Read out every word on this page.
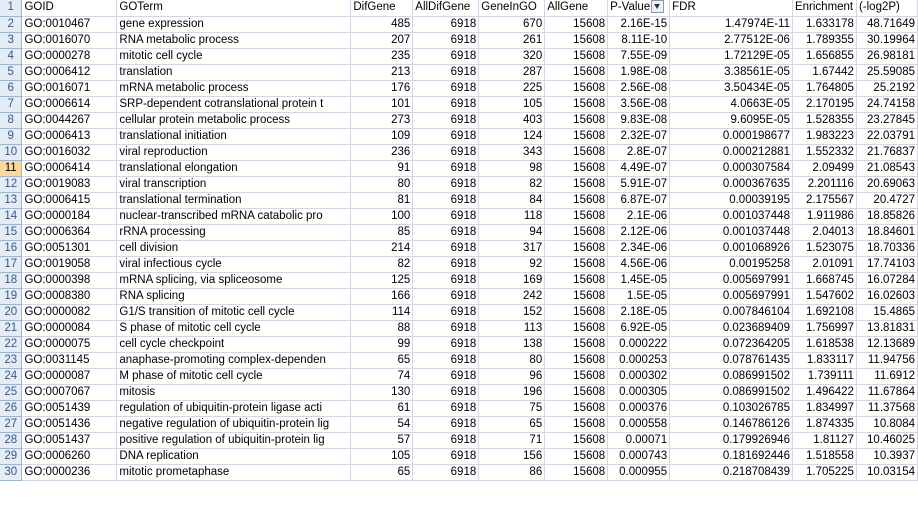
1	GOID	GOTerm	DifGene	AllDifGene	GeneInGO	AllGene	P-Value	FDR	Enrichment	(-log2P)
2	GO:0010467	gene expression	485	6918	670	15608	2.16E-15	1.47974E-11	1.633178	48.71649
3	GO:0016070	RNA metabolic process	207	6918	261	15608	8.11E-10	2.77512E-06	1.789355	30.19964
4	GO:0000278	mitotic cell cycle	235	6918	320	15608	7.55E-09	1.72129E-05	1.656855	26.98181
5	GO:0006412	translation	213	6918	287	15608	1.98E-08	3.38561E-05	1.67442	25.59085
6	GO:0016071	mRNA metabolic process	176	6918	225	15608	2.56E-08	3.50434E-05	1.764805	25.2192
7	GO:0006614	SRP-dependent cotranslational protein t	101	6918	105	15608	3.56E-08	4.0663E-05	2.170195	24.74158
8	GO:0044267	cellular protein metabolic process	273	6918	403	15608	9.83E-08	9.6095E-05	1.528355	23.27845
9	GO:0006413	translational initiation	109	6918	124	15608	2.32E-07	0.000198677	1.983223	22.03791
10	GO:0016032	viral reproduction	236	6918	343	15608	2.8E-07	0.000212881	1.552332	21.76837
11	GO:0006414	translational elongation	91	6918	98	15608	4.49E-07	0.000307584	2.09499	21.08543
12	GO:0019083	viral transcription	80	6918	82	15608	5.91E-07	0.000367635	2.201116	20.69063
13	GO:0006415	translational termination	81	6918	84	15608	6.87E-07	0.00039195	2.175567	20.4727
14	GO:0000184	nuclear-transcribed mRNA catabolic pro	100	6918	118	15608	2.1E-06	0.001037448	1.911986	18.85826
15	GO:0006364	rRNA processing	85	6918	94	15608	2.12E-06	0.001037448	2.04013	18.84601
16	GO:0051301	cell division	214	6918	317	15608	2.34E-06	0.001068926	1.523075	18.70336
17	GO:0019058	viral infectious cycle	82	6918	92	15608	4.56E-06	0.00195258	2.01091	17.74103
18	GO:0000398	mRNA splicing, via spliceosome	125	6918	169	15608	1.45E-05	0.005697991	1.668745	16.07284
19	GO:0008380	RNA splicing	166	6918	242	15608	1.5E-05	0.005697991	1.547602	16.02603
20	GO:0000082	G1/S transition of mitotic cell cycle	114	6918	152	15608	2.18E-05	0.007846104	1.692108	15.4865
21	GO:0000084	S phase of mitotic cell cycle	88	6918	113	15608	6.92E-05	0.023689409	1.756997	13.81831
22	GO:0000075	cell cycle checkpoint	99	6918	138	15608	0.000222	0.072364205	1.618538	12.13689
23	GO:0031145	anaphase-promoting complex-dependen	65	6918	80	15608	0.000253	0.078761435	1.833117	11.94756
24	GO:0000087	M phase of mitotic cell cycle	74	6918	96	15608	0.000302	0.086991502	1.739111	11.6912
25	GO:0007067	mitosis	130	6918	196	15608	0.000305	0.086991502	1.496422	11.67864
26	GO:0051439	regulation of ubiquitin-protein ligase acti	61	6918	75	15608	0.000376	0.103026785	1.834997	11.37568
27	GO:0051436	negative regulation of ubiquitin-protein lig	54	6918	65	15608	0.000558	0.146786126	1.874335	10.8084
28	GO:0051437	positive regulation of ubiquitin-protein lig	57	6918	71	15608	0.00071	0.179926946	1.81127	10.46025
29	GO:0006260	DNA replication	105	6918	156	15608	0.000743	0.181692446	1.518558	10.3937
30	GO:0000236	mitotic prometaphase	65	6918	86	15608	0.000955	0.218708439	1.705225	10.03154
